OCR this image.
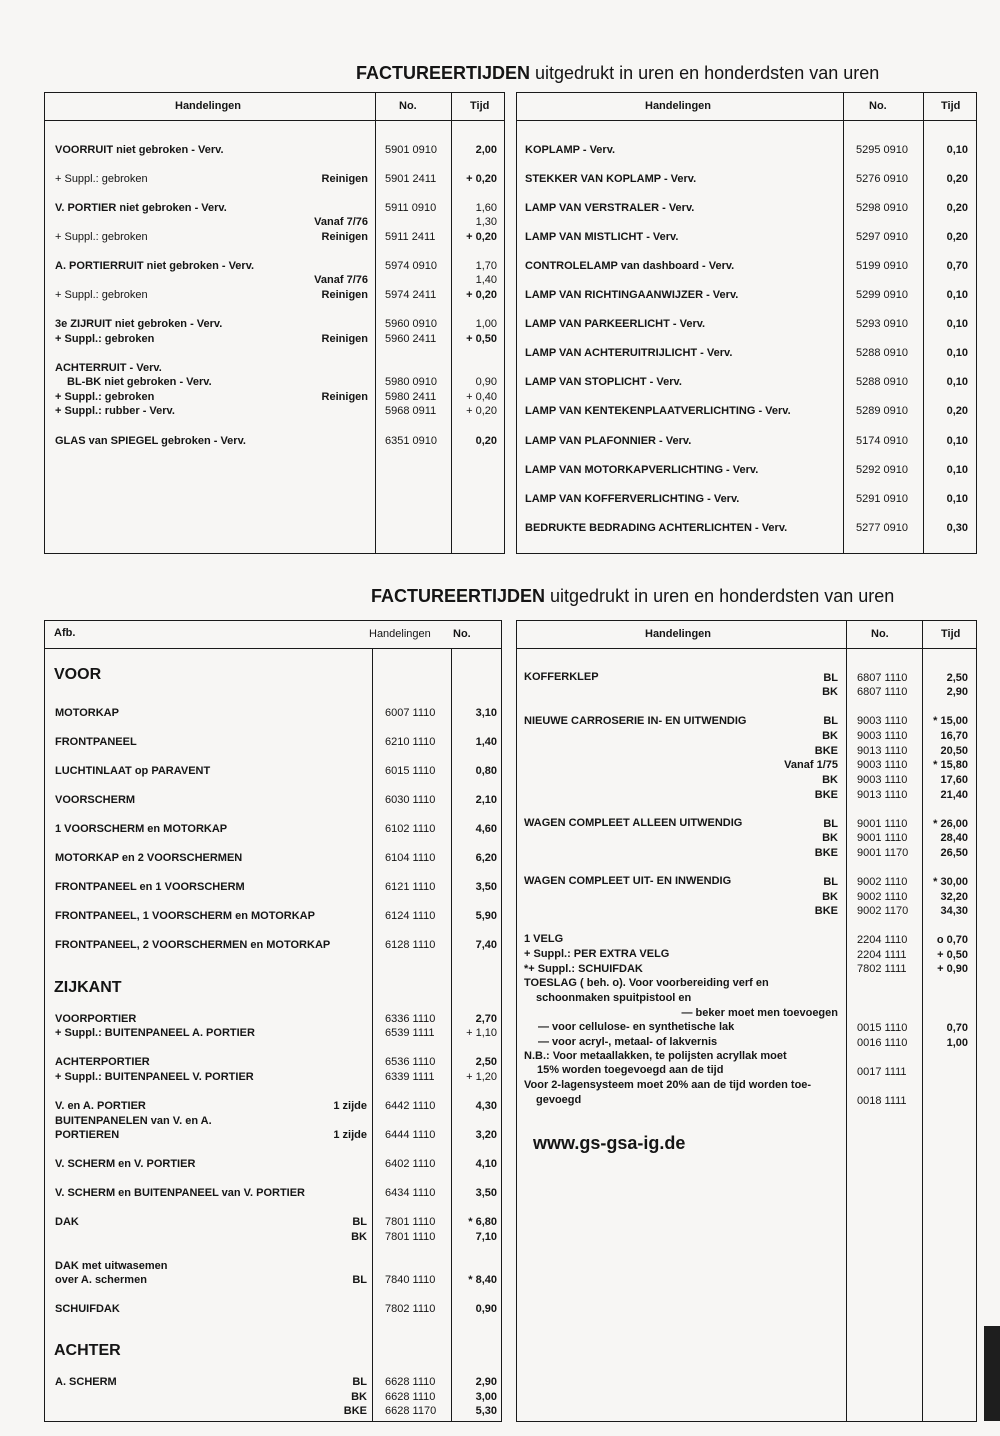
FACTUREERTIJDEN uitgedrukt in uren en honderdsten van uren
Handelingen	No.	Tijd
VOORRUIT niet gebroken - Verv.	5901 0910	2,00
+ Suppl.: gebroken	Reinigen 5901 2411	+ 0,20
V. PORTIER niet gebroken - Verv.	5911 0910	1,60
Vanaf 7/76	1,30
+ Suppl.: gebroken	Reinigen 5911 2411	+ 0,20
A. PORTIERRUIT niet gebroken - Verv.	5974 0910	1,70
Vanaf 7/76	1,40
+ Suppl.: gebroken	Reinigen 5974 2411	+ 0,20
3e ZIJRUIT niet gebroken - Verv.	5960 0910	1,00
+ Suppl.: gebroken	Reinigen 5960 2411	+ 0,50
ACHTERRUIT - Verv.
BL-BK niet gebroken - Verv.	5980 0910	0,90
+ Suppl.: gebroken	Reinigen 5980 2411	+ 0,40
+ Suppl.: rubber - Verv.	5968 0911	+ 0,20
GLAS van SPIEGEL gebroken - Verv.	6351 0910	0,20
Handelingen	No.	Tijd
KOPLAMP - Verv.	5295 0910	0,10
STEKKER VAN KOPLAMP - Verv.	5276 0910	0,20
LAMP VAN VERSTRALER - Verv.	5298 0910	0,20
LAMP VAN MISTLICHT - Verv.	5297 0910	0,20
CONTROLELAMP van dashboard - Verv.	5199 0910	0,70
LAMP VAN RICHTINGAANWIJZER - Verv.	5299 0910	0,10
LAMP VAN PARKEERLICHT - Verv.	5293 0910	0,10
LAMP VAN ACHTERUITRIJLICHT - Verv.	5288 0910	0,10
LAMP VAN STOPLICHT - Verv.	5288 0910	0,10
LAMP VAN KENTEKENPLAATVERLICHTING - Verv.	5289 0910	0,20
LAMP VAN PLAFONNIER - Verv.	5174 0910	0,10
LAMP VAN MOTORKAPVERLICHTING - Verv.	5292 0910	0,10
LAMP VAN KOFFERVERLICHTING - Verv.	5291 0910	0,10
BEDRUKTE BEDRADING ACHTERLICHTEN - Verv.	5277 0910	0,30
FACTUREERTIJDEN uitgedrukt in uren en honderdsten van uren
Afb.	Handelingen No.
VOOR
MOTORKAP	6007 1110	3,10
FRONTPANEEL	6210 1110	1,40
LUCHTINLAAT op PARAVENT	6015 1110	0,80
VOORSCHERM	6030 1110	2,10
1 VOORSCHERM en MOTORKAP	6102 1110	4,60
MOTORKAP en 2 VOORSCHERMEN	6104 1110	6,20
FRONTPANEEL en 1 VOORSCHERM	6121 1110	3,50
FRONTPANEEL, 1 VOORSCHERM en MOTORKAP	6124 1110	5,90
FRONTPANEEL, 2 VOORSCHERMEN en MOTORKAP	6128 1110	7,40
ZIJKANT
VOORPORTIER	6336 1110	2,70
+ Suppl.: BUITENPANEEL A. PORTIER	6539 1111	+ 1,10
ACHTERPORTIER	6536 1110	2,50
+ Suppl.: BUITENPANEEL V. PORTIER	6339 1111	+ 1,20
V. en A. PORTIER	1 zijde 6442 1110	4,30
BUITENPANELEN van V. en A.
PORTIEREN	1 zijde 6444 1110	3,20
V. SCHERM en V. PORTIER	6402 1110	4,10
V. SCHERM en BUITENPANEEL van V. PORTIER	6434 1110	3,50
DAK	BL 7801 1110	* 6,80
BK 7801 1110	7,10
DAK met uitwasemen
over A. schermen	BL 7840 1110	* 8,40
SCHUIFDAK	7802 1110	0,90
ACHTER
A. SCHERM	BL 6628 1110	2,90
BK 6628 1110	3,00
BKE 6628 1170	5,30
Handelingen	No.	Tijd
KOFFERKLEP	BL 6807 1110	2,50
BK 6807 1110	2,90
NIEUWE CARROSERIE IN- EN UITWENDIG	BL 9003 1110 * 15,00
BK 9003 1110	16,70
BKE 9013 1110	20,50
Vanaf 1/75 9003 1110 * 15,80
BK 9003 1110	17,60
BKE 9013 1110	21,40
WAGEN COMPLEET ALLEEN UITWENDIG	BL 9001 1110 * 26,00
BK 9001 1110	28,40
BKE 9001 1170	26,50
WAGEN COMPLEET UIT- EN INWENDIG	BL 9002 1110 * 30,00
BK 9002 1110	32,20
BKE 9002 1170	34,30
1 VELG	2204 1110	o 0,70
+ Suppl.: PER EXTRA VELG	2204 1111	+ 0,50
*+ Suppl.: SCHUIFDAK	7802 1111	+ 0,90
TOESLAG ( beh. o). Voor voorbereiding verf en
schoonmaken spuitpistool en
— beker moet men toevoegen
— voor cellulose- en synthetische lak	0015 1110	0,70
— voor acryl-, metaal- of lakvernis	0016 1110	1,00
N.B.: Voor metaallakken, te polijsten acryllak moet
15% worden toegevoegd aan de tijd	0017 1111
Voor 2-lagensysteem moet 20% aan de tijd worden toe-
gevoegd	0018 1111
www.gs-gsa-ig.de
